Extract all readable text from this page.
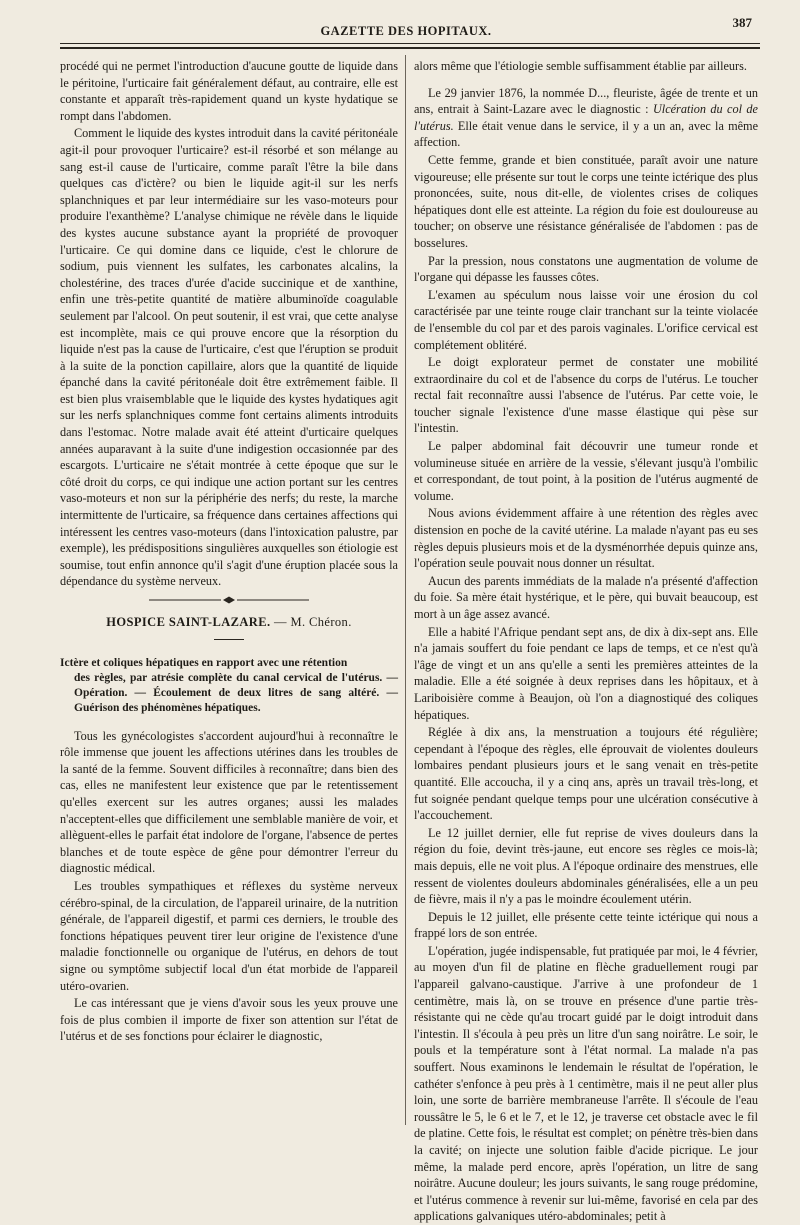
387
GAZETTE DES HOPITAUX.

procédé qui ne permet l'introduction d'aucune goutte de liquide dans le péritoine, l'urticaire fait généralement défaut, au contraire, elle est constante et apparaît très-rapidement quand un kyste hydatique se rompt dans l'abdomen.

Comment le liquide des kystes introduit dans la cavité péritonéale agit-il pour provoquer l'urticaire? est-il résorbé et son mélange au sang est-il cause de l'urticaire, comme paraît l'être la bile dans quelques cas d'ictère? ou bien le liquide agit-il sur les nerfs splanchniques et par leur intermédiaire sur les vaso-moteurs pour produire l'exanthème? L'analyse chimique ne révèle dans le liquide des kystes aucune substance ayant la propriété de provoquer l'urticaire. Ce qui domine dans ce liquide, c'est le chlorure de sodium, puis viennent les sulfates, les carbonates alcalins, la cholestérine, des traces d'urée d'acide succinique et de xanthine, enfin une très-petite quantité de matière albuminoïde coagulable seulement par l'alcool. On peut soutenir, il est vrai, que cette analyse est incomplète, mais ce qui prouve encore que la résorption du liquide n'est pas la cause de l'urticaire, c'est que l'éruption se produit à la suite de la ponction capillaire, alors que la quantité de liquide épanché dans la cavité péritonéale doit être extrêmement faible. Il est bien plus vraisemblable que le liquide des kystes hydatiques agit sur les nerfs splanchniques comme font certains aliments introduits dans l'estomac. Notre malade avait été atteint d'urticaire quelques années auparavant à la suite d'une indigestion occasionnée par des escargots. L'urticaire ne s'était montrée à cette époque que sur le côté droit du corps, ce qui indique une action portant sur les centres vaso-moteurs et non sur la périphérie des nerfs; du reste, la marche intermittente de l'urticaire, sa fréquence dans certaines affections qui intéressent les centres vaso-moteurs (dans l'intoxication palustre, par exemple), les prédispositions singulières auxquelles son étiologie est soumise, tout enfin annonce qu'il s'agit d'une éruption placée sous la dépendance du système nerveux.

HOSPICE SAINT-LAZARE. — M. Chéron.
Ictère et coliques hépatiques en rapport avec une rétention
des règles, par atrésie complète du canal cervical de l'utérus. — Opération. — Écoulement de deux litres de sang altéré. — Guérison des phénomènes hépatiques.

Tous les gynécologistes s'accordent aujourd'hui à reconnaître le rôle immense que jouent les affections utérines dans les troubles de la santé de la femme. Souvent difficiles à reconnaître; dans bien des cas, elles ne manifestent leur existence que par le retentissement qu'elles exercent sur les autres organes; aussi les malades n'acceptent-elles que difficilement une semblable manière de voir, et allèguent-elles le parfait état indolore de l'organe, l'absence de pertes blanches et de toute espèce de gêne pour démontrer l'erreur du diagnostic médical.

Les troubles sympathiques et réflexes du système nerveux cérébro-spinal, de la circulation, de l'appareil urinaire, de la nutrition générale, de l'appareil digestif, et parmi ces derniers, le trouble des fonctions hépatiques peuvent tirer leur origine de l'existence d'une maladie fonctionnelle ou organique de l'utérus, en dehors de tout signe ou symptôme subjectif local d'un état morbide de l'appareil utéro-ovarien.

Le cas intéressant que je viens d'avoir sous les yeux prouve une fois de plus combien il importe de fixer son attention sur l'état de l'utérus et de ses fonctions pour éclairer le diagnostic,

alors même que l'étiologie semble suffisamment établie par ailleurs.

Le 29 janvier 1876, la nommée D..., fleuriste, âgée de trente et un ans, entrait à Saint-Lazare avec le diagnostic : Ulcération du col de l'utérus. Elle était venue dans le service, il y a un an, avec la même affection.

Cette femme, grande et bien constituée, paraît avoir une nature vigoureuse; elle présente sur tout le corps une teinte ictérique des plus prononcées, suite, nous dit-elle, de violentes crises de coliques hépatiques dont elle est atteinte. La région du foie est douloureuse au toucher; on observe une résistance généralisée de l'abdomen : pas de bosselures.

Par la pression, nous constatons une augmentation de volume de l'organe qui dépasse les fausses côtes.

L'examen au spéculum nous laisse voir une érosion du col caractérisée par une teinte rouge clair tranchant sur la teinte violacée de l'ensemble du col par et des parois vaginales. L'orifice cervical est complétement oblitéré.

Le doigt explorateur permet de constater une mobilité extraordinaire du col et de l'absence du corps de l'utérus. Le toucher rectal fait reconnaître aussi l'absence de l'utérus. Par cette voie, le toucher signale l'existence d'une masse élastique qui pèse sur l'intestin.

Le palper abdominal fait découvrir une tumeur ronde et volumineuse située en arrière de la vessie, s'élevant jusqu'à l'ombilic et correspondant, de tout point, à la position de l'utérus augmenté de volume.

Nous avions évidemment affaire à une rétention des règles avec distension en poche de la cavité utérine. La malade n'ayant pas eu ses règles depuis plusieurs mois et de la dysménorrhée depuis quinze ans, l'opération seule pouvait nous donner un résultat.

Aucun des parents immédiats de la malade n'a présenté d'affection du foie. Sa mère était hystérique, et le père, qui buvait beaucoup, est mort à un âge assez avancé.

Elle a habité l'Afrique pendant sept ans, de dix à dix-sept ans. Elle n'a jamais souffert du foie pendant ce laps de temps, et ce n'est qu'à l'âge de vingt et un ans qu'elle a senti les premières atteintes de la maladie. Elle a été soignée à deux reprises dans les hôpitaux, et à Lariboisière comme à Beaujon, où l'on a diagnostiqué des coliques hépatiques.

Réglée à dix ans, la menstruation a toujours été régulière; cependant à l'époque des règles, elle éprouvait de violentes douleurs lombaires pendant plusieurs jours et le sang venait en très-petite quantité. Elle accoucha, il y a cinq ans, après un travail très-long, et fut soignée pendant quelque temps pour une ulcération consécutive à l'accouchement.

Le 12 juillet dernier, elle fut reprise de vives douleurs dans la région du foie, devint très-jaune, eut encore ses règles ce mois-là; mais depuis, elle ne voit plus. A l'époque ordinaire des menstrues, elle ressent de violentes douleurs abdominales généralisées, elle a un peu de fièvre, mais il n'y a pas le moindre écoulement utérin.

Depuis le 12 juillet, elle présente cette teinte ictérique qui nous a frappé lors de son entrée.

L'opération, jugée indispensable, fut pratiquée par moi, le 4 février, au moyen d'un fil de platine en flèche graduellement rougi par l'appareil galvano-caustique. J'arrive à une profondeur de 1 centimètre, mais là, on se trouve en présence d'une partie très-résistante qui ne cède qu'au trocart guidé par le doigt introduit dans l'intestin. Il s'écoula à peu près un litre d'un sang noirâtre. Le soir, le pouls et la température sont à l'état normal. La malade n'a pas souffert. Nous examinons le lendemain le résultat de l'opération, le cathéter s'enfonce à peu près à 1 centimètre, mais il ne peut aller plus loin, une sorte de barrière membraneuse l'arrête. Il s'écoule de l'eau roussâtre le 5, le 6 et le 7, et le 12, je traverse cet obstacle avec le fil de platine. Cette fois, le résultat est complet; on pénètre très-bien dans la cavité; on injecte une solution faible d'acide picrique. Le jour même, la malade perd encore, après l'opération, un litre de sang noirâtre. Aucune douleur; les jours suivants, le sang rouge prédomine, et l'utérus commence à revenir sur lui-même, favorisé en cela par des applications galvaniques utéro-abdominales; petit à
